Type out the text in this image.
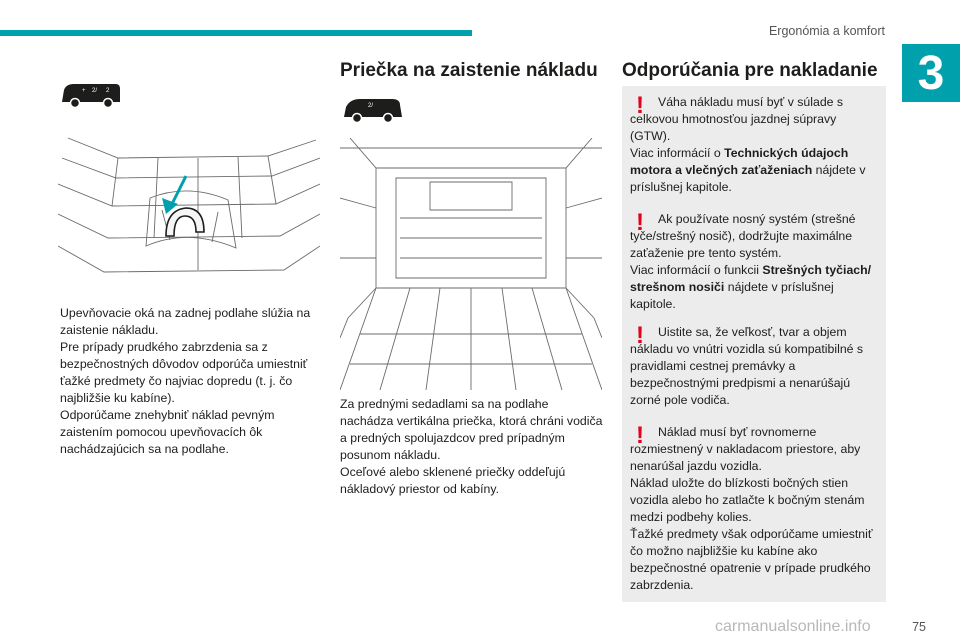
Ergonómia a komfort
3
+ 2/ 2
Upevňovacie oká na zadnej podlahe slúžia na zaistenie nákladu.
Pre prípady prudkého zabrzdenia sa z bezpečnostných dôvodov odporúča umiestniť ťažké predmety čo najviac dopredu (t. j. čo najbližšie ku kabíne).
Odporúčame znehybniť náklad pevným zaistením pomocou upevňovacích ôk nachádzajúcich sa na podlahe.
Priečka na zaistenie nákladu
2/
Za prednými sedadlami sa na podlahe nachádza vertikálna priečka, ktorá chráni vodiča a predných spolujazdcov pred prípadným posunom nákladu.
Oceľové alebo sklenené priečky oddeľujú nákladový priestor od kabíny.
Odporúčania pre nakladanie
!	Váha nákladu musí byť v súlade s celkovou hmotnosťou jazdnej súpravy (GTW).
Viac informácií o Technických údajoch motora a vlečných zaťaženiach nájdete v príslušnej kapitole.
!	Ak používate nosný systém (strešné tyče/strešný nosič), dodržujte maximálne zaťaženie pre tento systém.
Viac informácií o funkcii Strešných tyčiach/ strešnom nosiči nájdete v príslušnej kapitole.
!	Uistite sa, že veľkosť, tvar a objem nákladu vo vnútri vozidla sú kompatibilné s pravidlami cestnej premávky a bezpečnostnými predpismi a nenarúšajú zorné pole vodiča.
!	Náklad musí byť rovnomerne rozmiestnený v nakladacom priestore, aby nenarúšal jazdu vozidla.
Náklad uložte do blízkosti bočných stien vozidla alebo ho zatlačte k bočným stenám medzi podbehy kolies.
Ťažké predmety však odporúčame umiestniť čo možno najbližšie ku kabíne ako bezpečnostné opatrenie v prípade prudkého zabrzdenia.
carmanualsonline.info	75
